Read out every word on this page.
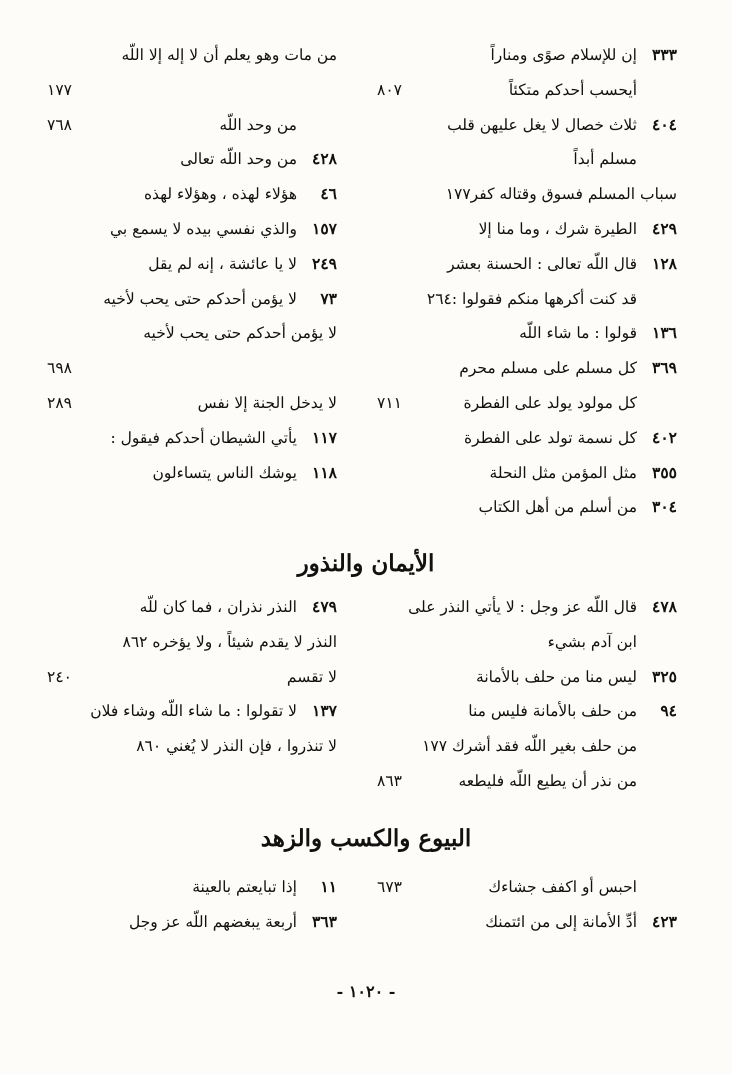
٣٣٣إن للإسلام صوًى ومناراً
أيحسب أحدكم متكئاً
٨٠٧
٤٠٤ثلاث خصال لا يغل عليهن قلب
مسلم أبداً
سباب المسلم فسوق وقتاله كفر١٧٧
٤٢٩الطيرة شرك ، وما منا إلا
١٢٨قال اللّه تعالى : الحسنة بعشر
قد كنت أكرهها منكم فقولوا :٢٦٤
١٣٦قولوا : ما شاء اللّه
٣٦٩كل مسلم على مسلم محرم
كل مولود يولد على الفطرة
٧١١
٤٠٢كل نسمة تولد على الفطرة
٣٥٥مثل المؤمن مثل النحلة
٣٠٤من أسلم من أهل الكتاب
من مات وهو يعلم أن لا إله إلا اللّه
١٧٧
من وحد اللّه
٧٦٨
٤٢٨من وحد اللّه تعالى
٤٦هؤلاء لهذه ، وهؤلاء لهذه
١٥٧والذي نفسي بيده لا يسمع بي
٢٤٩لا يا عائشة ، إنه لم يقل
٧٣لا يؤمن أحدكم حتى يحب لأخيه
لا يؤمن أحدكم حتى يحب لأخيه
٦٩٨
لا يدخل الجنة إلا نفس
٢٨٩
١١٧يأتي الشيطان أحدكم فيقول :
١١٨يوشك الناس يتساءلون
الأيمان والنذور
٤٧٨قال اللّه عز وجل : لا يأتي النذر على
ابن آدم بشيء
٣٢٥ليس منا من حلف بالأمانة
٩٤من حلف بالأمانة فليس منا
من حلف بغير اللّه فقد أشرك ١٧٧
من نذر أن يطيع اللّه فليطعه
٨٦٣
٤٧٩النذر نذران ، فما كان للّه
النذر لا يقدم شيئاً ، ولا يؤخره ٨٦٢
لا تقسم
٢٤٠
١٣٧لا تقولوا : ما شاء اللّه وشاء فلان
لا تنذروا ، فإن النذر لا يُغني ٨٦٠
البيوع والكسب والزهد
احبس أو اكفف جشاءك
٦٧٣
٤٢٣أدِّ الأمانة إلى من ائتمنك
١١إذا تبايعتم بالعينة
٣٦٣أربعة يبغضهم اللّه عز وجل
- ١٠٢٠ -
